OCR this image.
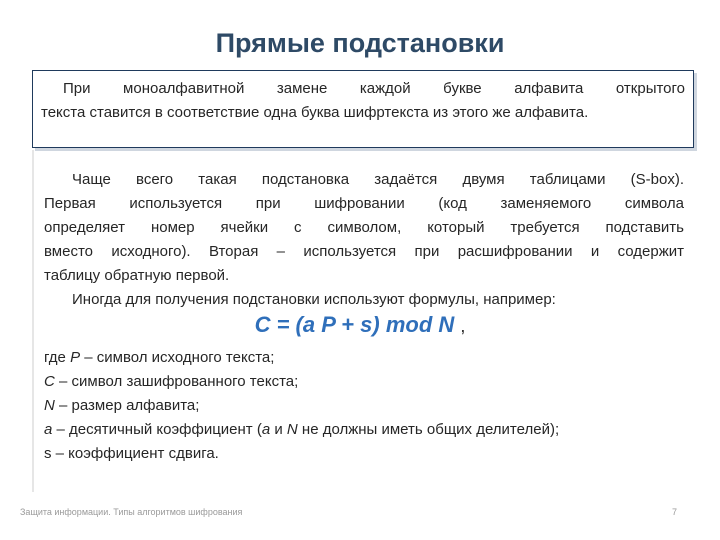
Прямые подстановки

При моноалфавитной замене каждой букве алфавита открытого

текста ставится в соответствие одна буква шифртекста из этого же алфавита.

Чаще всего такая подстановка задаётся двумя таблицами (S-box).
Первая используется при шифровании (код заменяемого символа
определяет номер ячейки с символом, который требуется подставить
вместо исходного). Вторая – используется при расшифровании и содержит
таблицу обратную первой.
Иногда для получения подстановки используют формулы, например:
C = (a P + s) mod N ,
где P – символ исходного текста;
C – символ зашифрованного текста;
N – размер алфавита;
a – десятичный коэффициент (a и N не должны иметь общих делителей);
s – коэффициент сдвига.
Защита информации. Типы алгоритмов шифрования	7
